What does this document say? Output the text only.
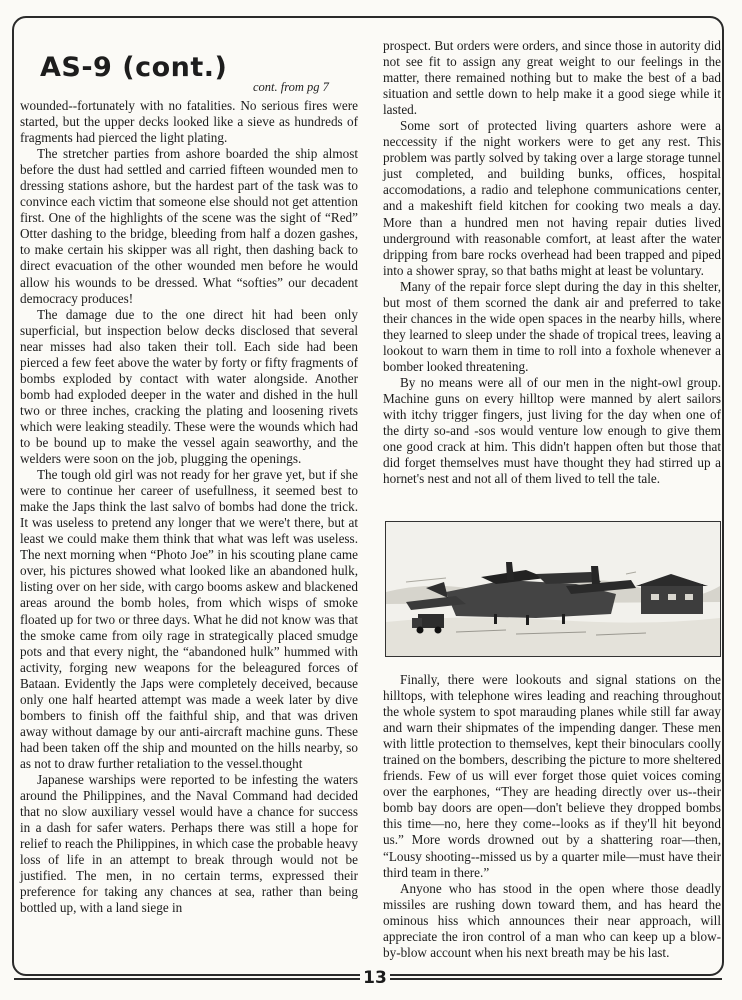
AS-9 (cont.)
cont. from pg 7

wounded--fortunately with no fatalities. No serious fires were started, but the upper decks looked like a sieve as hundreds of fragments had pierced the light plating.

The stretcher parties from ashore boarded the ship almost before the dust had settled and carried fifteen wounded men to dressing stations ashore, but the hardest part of the task was to convince each victim that someone else should not get attention first. One of the highlights of the scene was the sight of “Red” Otter dashing to the bridge, bleeding from half a dozen gashes, to make certain his skipper was all right, then dashing back to direct evacuation of the other wounded men before he would allow his wounds to be dressed. What “softies” our decadent democracy produces!

The damage due to the one direct hit had been only superficial, but inspection below decks disclosed that several near misses had also taken their toll. Each side had been pierced a few feet above the water by forty or fifty fragments of bombs exploded by contact with water alongside. Another bomb had exploded deeper in the water and dished in the hull two or three inches, cracking the plating and loosening rivets which were leaking steadily. These were the wounds which had to be bound up to make the vessel again seaworthy, and the welders were soon on the job, plugging the openings.

The tough old girl was not ready for her grave yet, but if she were to continue her career of usefullness, it seemed best to make the Japs think the last salvo of bombs had done the trick. It was useless to pretend any longer that we were't there, but at least we could make them think that what was left was useless. The next morning when “Photo Joe” in his scouting plane came over, his pictures showed what looked like an abandoned hulk, listing over on her side, with cargo booms askew and blackened areas around the bomb holes, from which wisps of smoke floated up for two or three days. What he did not know was that the smoke came from oily rage in strategically placed smudge pots and that every night, the “abandoned hulk” hummed with activity, forging new weapons for the beleagured forces of Bataan. Evidently the Japs were completely deceived, because only one half hearted attempt was made a week later by dive bombers to finish off the faithful ship, and that was driven away without damage by our anti-aircraft machine guns. These had been taken off the ship and mounted on the hills nearby, so as not to draw further retaliation to the vessel.thought

Japanese warships were reported to be infesting the waters around the Philippines, and the Naval Command had decided that no slow auxiliary vessel would have a chance for success in a dash for safer waters. Perhaps there was still a hope for relief to reach the Philippines, in which case the probable heavy loss of life in an attempt to break through would not be justified. The men, in no certain terms, expressed their preference for taking any chances at sea, rather than being bottled up, with a land siege in

prospect. But orders were orders, and since those in autority did not see fit to assign any great weight to our feelings in the matter, there remained nothing but to make the best of a bad situation and settle down to help make it a good siege while it lasted.

Some sort of protected living quarters ashore were a neccessity if the night workers were to get any rest. This problem was partly solved by taking over a large storage tunnel just completed, and building bunks, offices, hospital accomodations, a radio and telephone communications center, and a makeshift field kitchen for cooking two meals a day. More than a hundred men not having repair duties lived underground with reasonable comfort, at least after the water dripping from bare rocks overhead had been trapped and piped into a shower spray, so that baths might at least be voluntary.

Many of the repair force slept during the day in this shelter, but most of them scorned the dank air and preferred to take their chances in the wide open spaces in the nearby hills, where they learned to sleep under the shade of tropical trees, leaving a lookout to warn them in time to roll into a foxhole whenever a bomber looked threatening.

By no means were all of our men in the night-owl group. Machine guns on every hilltop were manned by alert sailors with itchy trigger fingers, just living for the day when one of the dirty so-and -sos would venture low enough to give them one good crack at him. This didn't happen often but those that did forget themselves must have thought they had stirred up a hornet's nest and not all of them lived to tell the tale.

Finally, there were lookouts and signal stations on the hilltops, with telephone wires leading and reaching throughout the whole system to spot marauding planes while still far away and warn their shipmates of the impending danger. These men with little protection to themselves, kept their binoculars coolly trained on the bombers, describing the picture to more sheltered friends. Few of us will ever forget those quiet voices coming over the earphones, “They are heading directly over us--their bomb bay doors are open—don't believe they dropped bombs this time—no, here they come--looks as if they'll hit beyond us.” More words drowned out by a shattering roar—then, “Lousy shooting--missed us by a quarter mile—must have their third team in there.”

Anyone who has stood in the open where those deadly missiles are rushing down toward them, and has heard the ominous hiss which announces their near approach, will appreciate the iron control of a man who can keep up a blow-by-blow account when his next breath may be his last.

13
